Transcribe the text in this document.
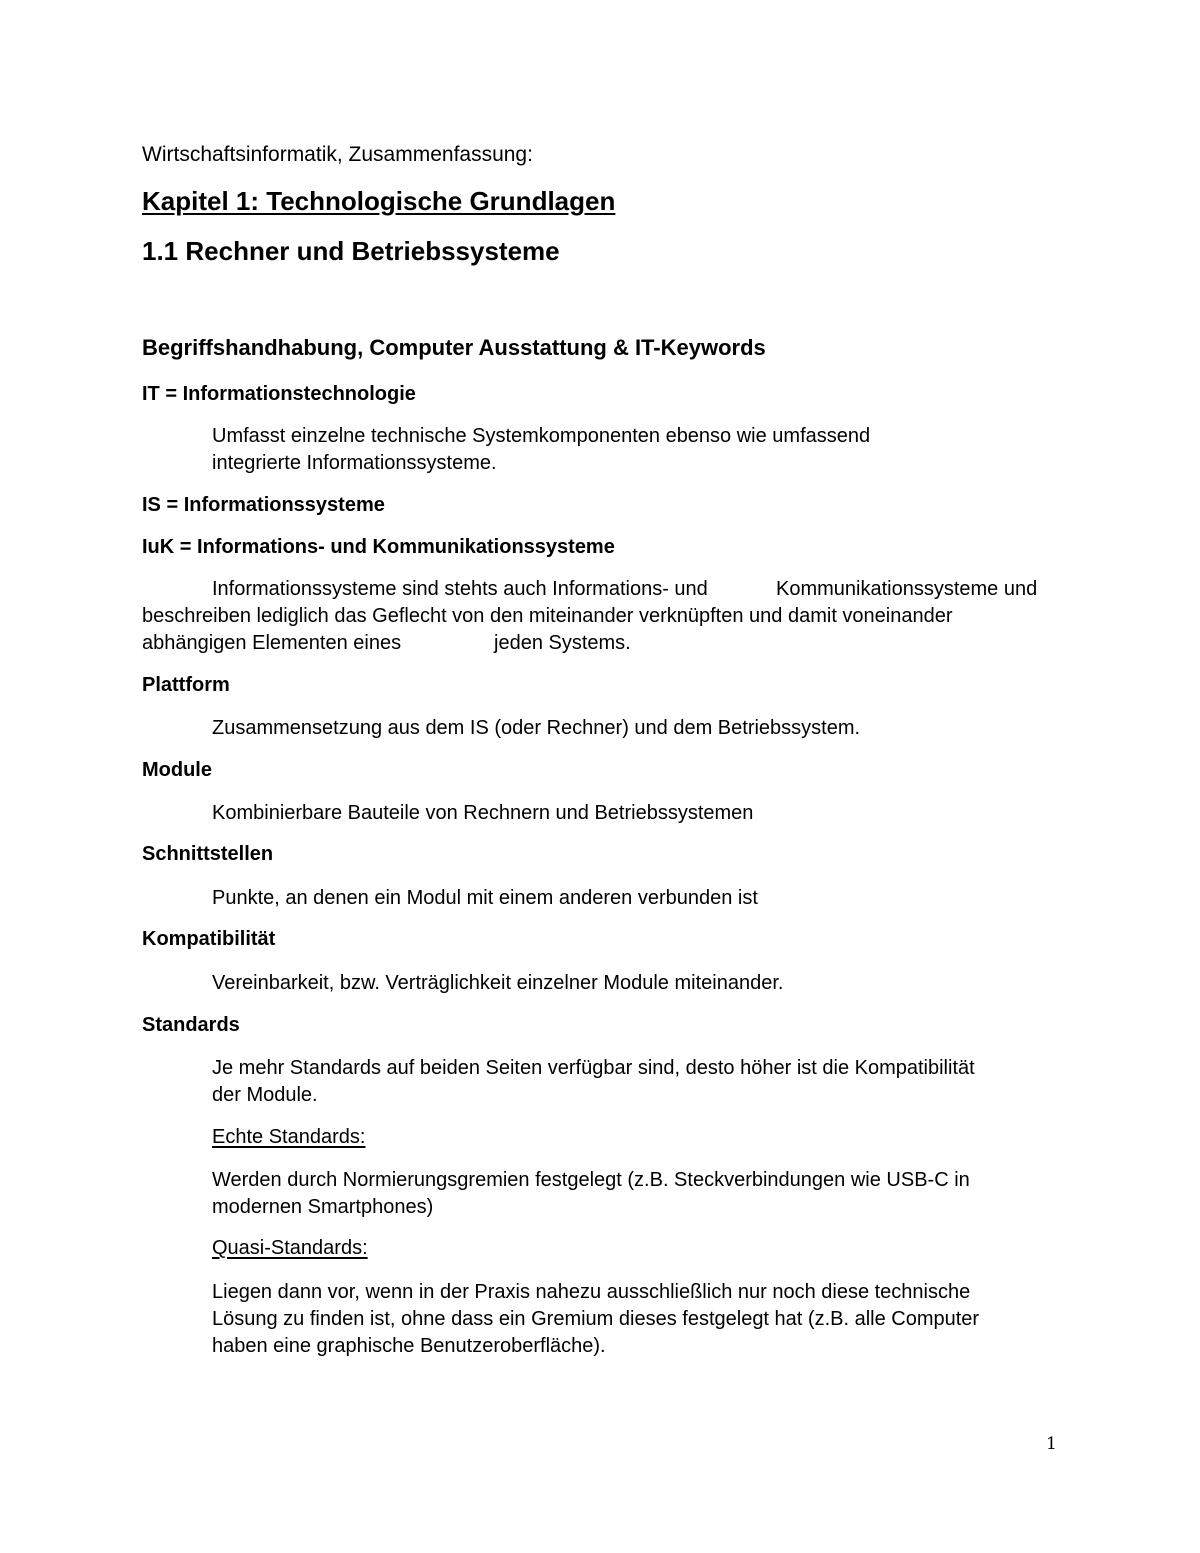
Wirtschaftsinformatik, Zusammenfassung:

Kapitel 1: Technologische Grundlagen
1.1 Rechner und Betriebssysteme
Begriffshandhabung, Computer Ausstattung & IT-Keywords

IT = Informationstechnologie

Umfasst einzelne technische Systemkomponenten ebenso wie umfassend

integrierte Informationssysteme.

IS = Informationssysteme

IuK = Informations- und Kommunikationssysteme

Informationssysteme sind stehts auch Informations- und	Kommunikationssysteme und

beschreiben lediglich das Geflecht von den miteinander verknüpften und damit voneinander

abhängigen Elementen eines	jeden Systems.

Plattform

Zusammensetzung aus dem IS (oder Rechner) und dem Betriebssystem.

Module

Kombinierbare Bauteile von Rechnern und Betriebssystemen

Schnittstellen

Punkte, an denen ein Modul mit einem anderen verbunden ist

Kompatibilität

Vereinbarkeit, bzw. Verträglichkeit einzelner Module miteinander.

Standards

Je mehr Standards auf beiden Seiten verfügbar sind, desto höher ist die Kompatibilität

der Module.

Echte Standards:

Werden durch Normierungsgremien festgelegt (z.B. Steckverbindungen wie USB-C in

modernen Smartphones)

Quasi-Standards:

Liegen dann vor, wenn in der Praxis nahezu ausschließlich nur noch diese technische

Lösung zu finden ist, ohne dass ein Gremium dieses festgelegt hat (z.B. alle Computer

haben eine graphische Benutzeroberfläche).

1
